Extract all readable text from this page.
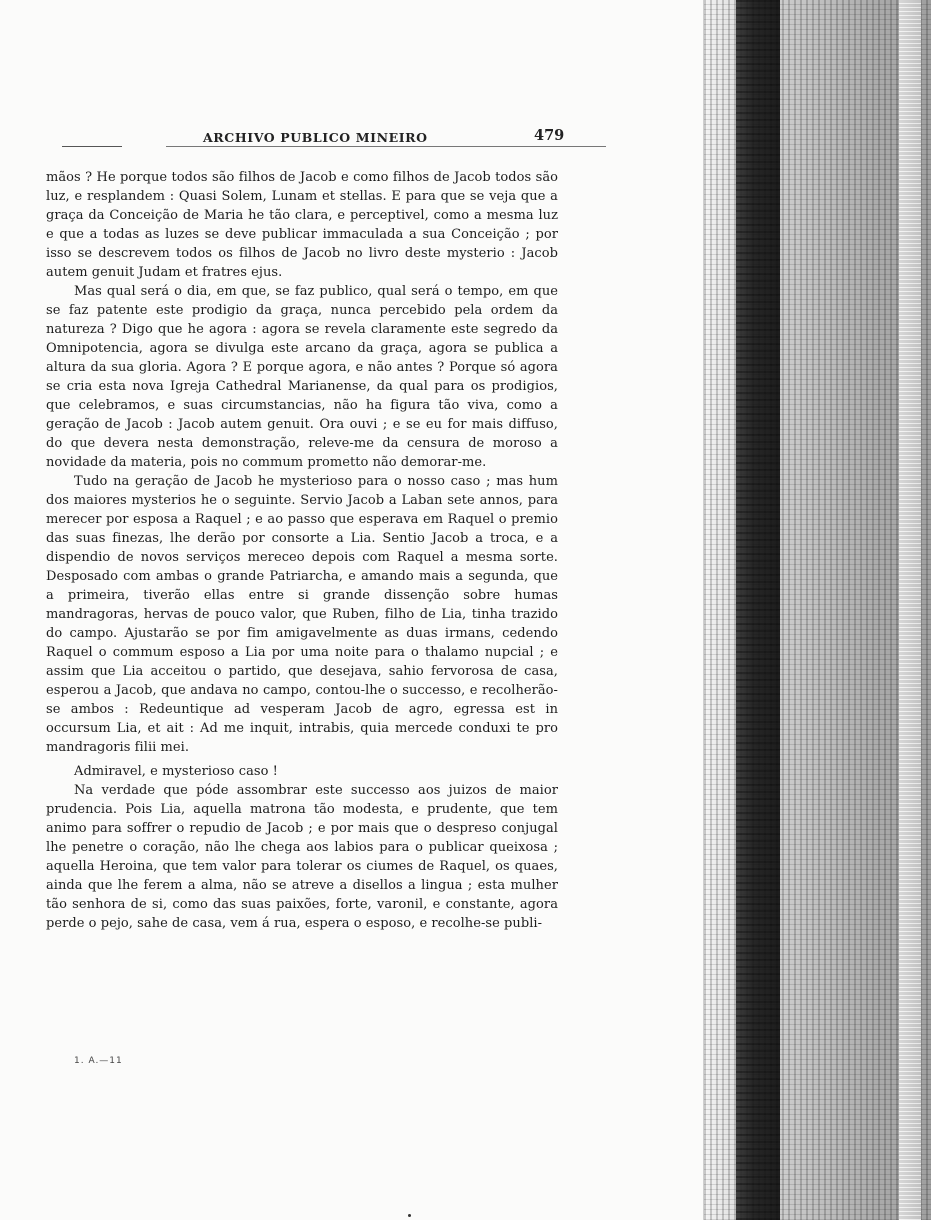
ARCHIVO PUBLICO MINEIRO	479

mãos ? He porque todos são filhos de Jacob e como filhos de Jacob todos são luz, e resplandem : Quasi Solem, Lunam et stellas. E para que se veja que a graça da Conceição de Maria he tão clara, e perceptivel, como a mesma luz e que a todas as luzes se deve publicar immaculada a sua Conceição ; por isso se descrevem todos os filhos de Jacob no livro deste mysterio : Jacob autem genuit Judam et fratres ejus.

Mas qual será o dia, em que, se faz publico, qual será o tempo, em que se faz patente este prodigio da graça, nunca percebido pela ordem da natureza ? Digo que he agora : agora se revela claramente este segredo da Omnipotencia, agora se divulga este arcano da graça, agora se publica a altura da sua gloria. Agora ? E porque agora, e não antes ? Porque só agora se cria esta nova Igreja Cathedral Marianense, da qual para os prodigios, que celebramos, e suas circumstancias, não ha figura tão viva, como a geração de Jacob : Jacob autem genuit. Ora ouvi ; e se eu for mais diffuso, do que devera nesta demonstração, releve-me da censura de moroso a novidade da materia, pois no commum prometto não demorar-me.

Tudo na geração de Jacob he mysterioso para o nosso caso ; mas hum dos maiores mysterios he o seguinte. Servio Jacob a Laban sete annos, para merecer por esposa a Raquel ; e ao passo que esperava em Raquel o premio das suas finezas, lhe derão por consorte a Lia. Sentio Jacob a troca, e a dispendio de novos serviços mereceo depois com Raquel a mesma sorte. Desposado com ambas o grande Patriarcha, e amando mais a segunda, que a primeira, tiverão ellas entre si grande dissenção sobre humas mandragoras, hervas de pouco valor, que Ruben, filho de Lia, tinha trazido do campo. Ajustarão se por fim amigavelmente as duas irmans, cedendo Raquel o commum esposo a Lia por uma noite para o thalamo nupcial ; e assim que Lia acceitou o partido, que desejava, sahio fervorosa de casa, esperou a Jacob, que andava no campo, contou-lhe o successo, e recolherão-se ambos : Redeuntique ad vesperam Jacob de agro, egressa est in occursum Lia, et ait : Ad me inquit, intrabis, quia mercede conduxi te pro mandragoris filii mei.

Admiravel, e mysterioso caso !

Na verdade que póde assombrar este successo aos juizos de maior prudencia. Pois Lia, aquella matrona tão modesta, e prudente, que tem animo para soffrer o repudio de Jacob ; e por mais que o despreso conjugal lhe penetre o coração, não lhe chega aos labios para o publicar queixosa ; aquella Heroina, que tem valor para tolerar os ciumes de Raquel, os quaes, ainda que lhe ferem a alma, não se atreve a disellos a lingua ; esta mulher tão senhora de si, como das suas paixões, forte, varonil, e constante, agora perde o pejo, sahe de casa, vem á rua, espera o esposo, e recolhe-se publi-

1. A.—11
